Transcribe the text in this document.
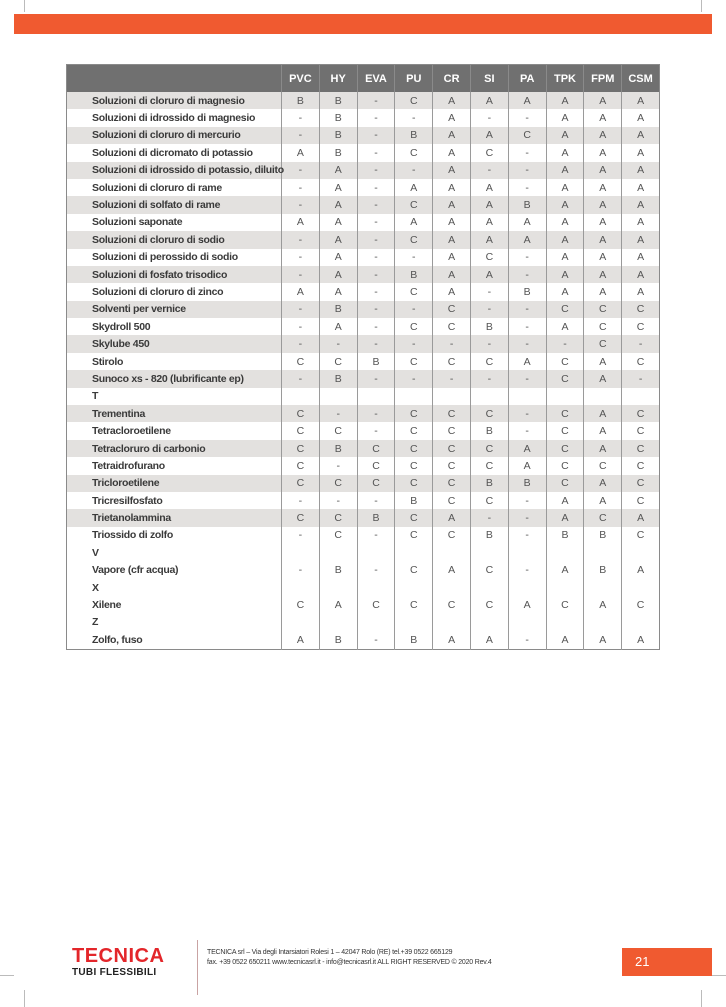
	PVC	HY	EVA	PU	CR	SI	PA	TPK	FPM	CSM
Soluzioni di cloruro di magnesio	B	B	-	C	A	A	A	A	A	A
Soluzioni di idrossido di magnesio	-	B	-	-	A	-	-	A	A	A
Soluzioni di cloruro di mercurio	-	B	-	B	A	A	C	A	A	A
Soluzioni di dicromato di potassio	A	B	-	C	A	C	-	A	A	A
Soluzioni di idrossido di potassio, diluito	-	A	-	-	A	-	-	A	A	A
Soluzioni di cloruro di rame	-	A	-	A	A	A	-	A	A	A
Soluzioni di solfato di rame	-	A	-	C	A	A	B	A	A	A
Soluzioni saponate	A	A	-	A	A	A	A	A	A	A
Soluzioni di cloruro di sodio	-	A	-	C	A	A	A	A	A	A
Soluzioni di perossido di sodio	-	A	-	-	A	C	-	A	A	A
Soluzioni di fosfato trisodico	-	A	-	B	A	A	-	A	A	A
Soluzioni di cloruro di zinco	A	A	-	C	A	-	B	A	A	A
Solventi per vernice	-	B	-	-	C	-	-	C	C	C
Skydroll 500	-	A	-	C	C	B	-	A	C	C
Skylube 450	-	-	-	-	-	-	-	-	C	-
Stirolo	C	C	B	C	C	C	A	C	A	C
Sunoco xs - 820 (lubrificante ep)	-	B	-	-	-	-	-	C	A	-
T										
Trementina	C	-	-	C	C	C	-	C	A	C
Tetracloroetilene	C	C	-	C	C	B	-	C	A	C
Tetracloruro di carbonio	C	B	C	C	C	C	A	C	A	C
Tetraidrofurano	C	-	C	C	C	C	A	C	C	C
Tricloroetilene	C	C	C	C	C	B	B	C	A	C
Tricresilfosfato	-	-	-	B	C	C	-	A	A	C
Trietanolammina	C	C	B	C	A	-	-	A	C	A
Triossido di zolfo	-	C	-	C	C	B	-	B	B	C
V										
Vapore (cfr acqua)	-	B	-	C	A	C	-	A	B	A
X										
Xilene	C	A	C	C	C	C	A	C	A	C
Z										
Zolfo, fuso	A	B	-	B	A	A	-	A	A	A
TECNICA
TUBI FLESSIBILI
TECNICA srl – Via degli Intarsiatori Rolesi 1 – 42047 Rolo (RE) tel.+39 0522 665129
fax. +39 0522 650211 www.tecnicasrl.it - info@tecnicasrl.it ALL RIGHT RESERVED © 2020 Rev.4	21
